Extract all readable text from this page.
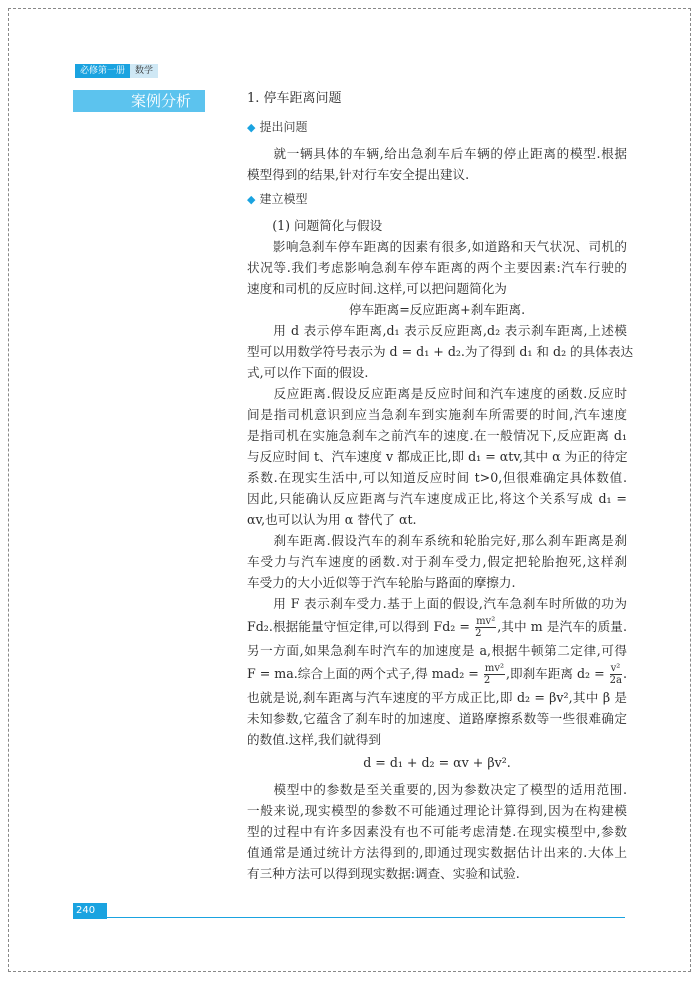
必修第一册	数学
案例分析	1. 停车距离问题
◆ 提出问题
　　就一辆具体的车辆,给出急刹车后车辆的停止距离的模型.根据
模型得到的结果,针对行车安全提出建议.
◆ 建立模型
　　(1) 问题简化与假设
　　影响急刹车停车距离的因素有很多,如道路和天气状况、司机的
状况等.我们考虑影响急刹车停车距离的两个主要因素:汽车行驶的
速度和司机的反应时间.这样,可以把问题简化为
停车距离=反应距离+刹车距离.
　　用 d 表示停车距离,d₁ 表示反应距离,d₂ 表示刹车距离,上述模
型可以用数学符号表示为 d = d₁ + d₂.为了得到 d₁ 和 d₂ 的具体表达
式,可以作下面的假设.
　　反应距离.假设反应距离是反应时间和汽车速度的函数.反应时
间是指司机意识到应当急刹车到实施刹车所需要的时间,汽车速度
是指司机在实施急刹车之前汽车的速度.在一般情况下,反应距离 d₁
与反应时间 t、汽车速度 v 都成正比,即 d₁ = αtv,其中 α 为正的待定
系数.在现实生活中,可以知道反应时间 t>0,但很难确定具体数值.
因此,只能确认反应距离与汽车速度成正比,将这个关系写成 d₁ =
αv,也可以认为用 α 替代了 αt.
　　刹车距离.假设汽车的刹车系统和轮胎完好,那么刹车距离是刹
车受力与汽车速度的函数.对于刹车受力,假定把轮胎抱死,这样刹
车受力的大小近似等于汽车轮胎与路面的摩擦力.
　　用 F 表示刹车受力.基于上面的假设,汽车急刹车时所做的功为
Fd₂.根据能量守恒定律,可以得到 $Fd_2 = \frac{\text{mv²}}{2}$ ,其中 m 是汽车的质量.
另一方面,如果急刹车时汽车的加速度是 a,根据牛顿第二定律,可得
F = ma.综合上面的两个式子,得 $mad_2 = \frac{\text{mv²}}{2}$ ,即刹车距离 $d_2 = \frac{\text{v²}}{2a}$ .
也就是说,刹车距离与汽车速度的平方成正比,即 d₂ = βv²,其中 β 是
未知参数,它蕴含了刹车时的加速度、道路摩擦系数等一些很难确定
的数值.这样,我们就得到
d = d₁ + d₂ = αv + βv².
　　模型中的参数是至关重要的,因为参数决定了模型的适用范围.
一般来说,现实模型的参数不可能通过理论计算得到,因为在构建模
型的过程中有许多因素没有也不可能考虑清楚.在现实模型中,参数
值通常是通过统计方法得到的,即通过现实数据估计出来的.大体上
有三种方法可以得到现实数据:调查、实验和试验.
240
